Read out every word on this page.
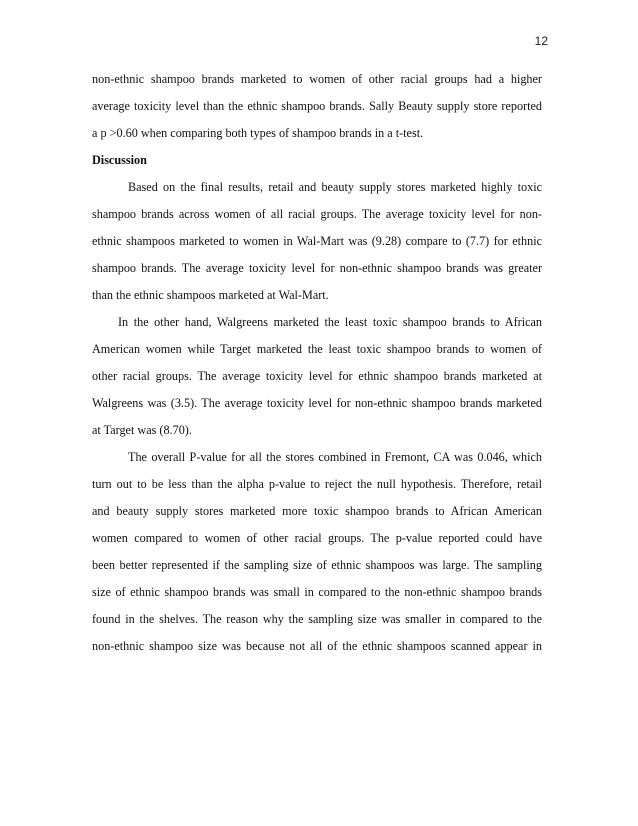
12
non-ethnic shampoo brands marketed to women of other racial groups had a higher
average toxicity level than the ethnic shampoo brands. Sally Beauty supply store reported
a p >0.60 when comparing both types of shampoo brands in a t-test.
Discussion
Based on the final results, retail and beauty supply stores marketed highly toxic
shampoo brands across women of all racial groups. The average toxicity level for non-
ethnic shampoos marketed to women in Wal-Mart was (9.28) compare to (7.7) for ethnic
shampoo brands. The average toxicity level for non-ethnic shampoo brands was greater
than the ethnic shampoos marketed at Wal-Mart.
In the other hand, Walgreens marketed the least toxic shampoo brands to African
American women while Target marketed the least toxic shampoo brands to women of
other racial groups. The average toxicity level for ethnic shampoo brands marketed at
Walgreens was (3.5). The average toxicity level for non-ethnic shampoo brands marketed
at Target was (8.70).
The overall P-value for all the stores combined in Fremont, CA was 0.046, which
turn out to be less than the alpha p-value to reject the null hypothesis. Therefore, retail
and beauty supply stores marketed more toxic shampoo brands to African American
women compared to women of other racial groups. The p-value reported could have
been better represented if the sampling size of ethnic shampoos was large. The sampling
size of ethnic shampoo brands was small in compared to the non-ethnic shampoo brands
found in the shelves. The reason why the sampling size was smaller in compared to the
non-ethnic shampoo size was because not all of the ethnic shampoos scanned appear in
